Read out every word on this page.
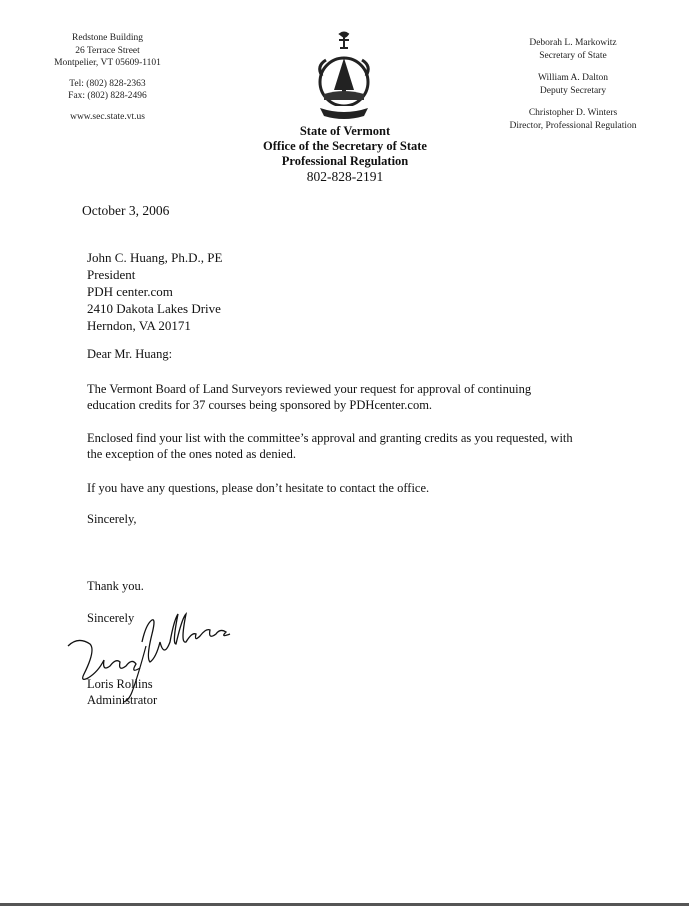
Redstone Building
26 Terrace Street
Montpelier, VT 05609-1101
Tel: (802) 828-2363
Fax: (802) 828-2496
www.sec.state.vt.us
State of Vermont
Office of the Secretary of State
Professional Regulation
802-828-2191
Deborah L. Markowitz
Secretary of State
William A. Dalton
Deputy Secretary
Christopher D. Winters
Director, Professional Regulation
October 3, 2006
John C. Huang, Ph.D., PE
President
PDH center.com
2410 Dakota Lakes Drive
Herndon, VA 20171
Dear Mr. Huang:
The Vermont Board of Land Surveyors reviewed your request for approval of continuing
education credits for 37 courses being sponsored by PDHcenter.com.
Enclosed find your list with the committee’s approval and granting credits as you requested, with
the exception of the ones noted as denied.
If you have any questions, please don’t hesitate to contact the office.
Sincerely,
Thank you.
Sincerely
Loris Rollins
Administrator
